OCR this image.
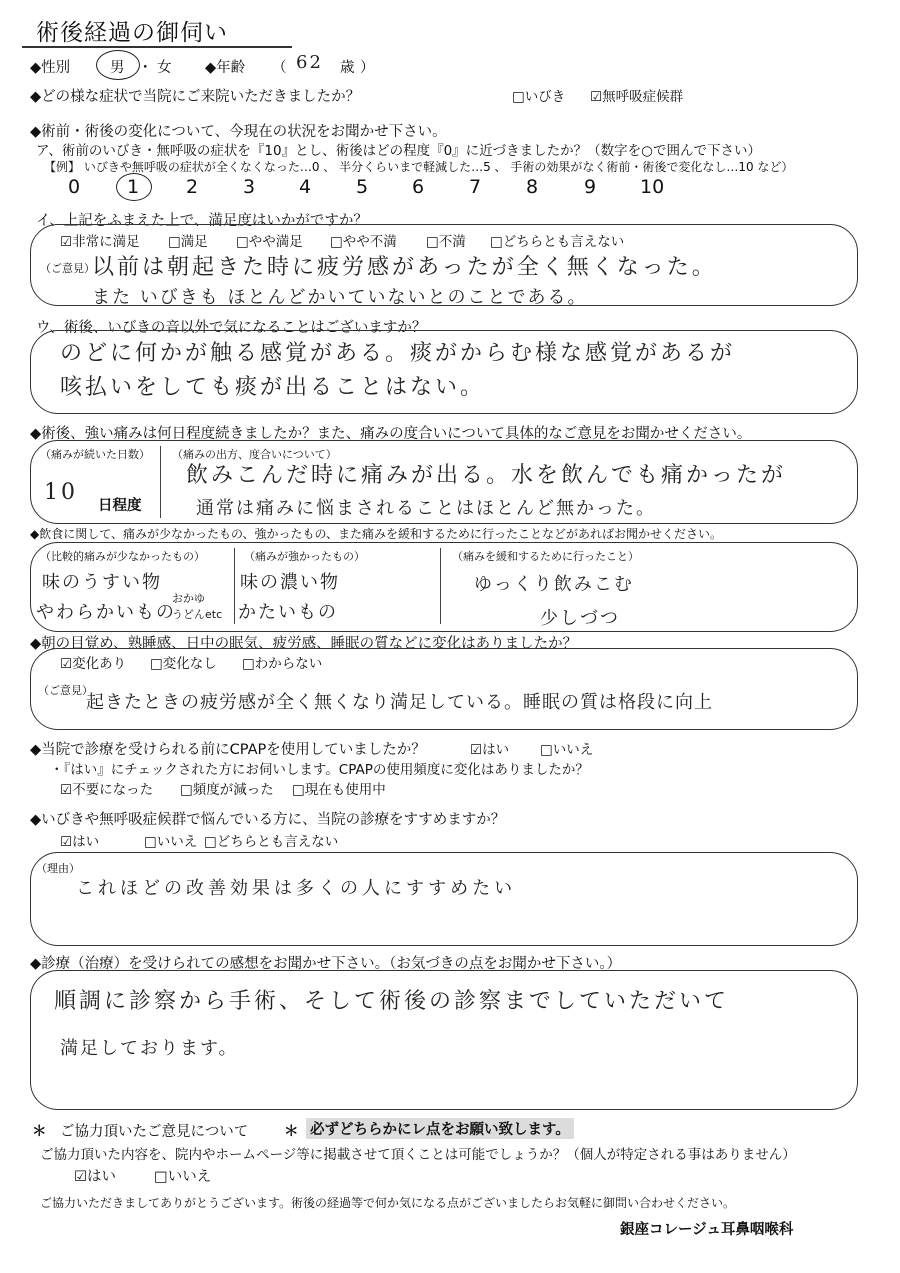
術後経過の御伺い
◆性別	男 ・ 女 ◆年齢 （ 62 歳 ）
◆どの様な症状で当院にご来院いただきましたか？	□いびき ☑無呼吸症候群
◆術前・術後の変化について、今現在の状況をお聞かせ下さい。
ア、術前のいびき・無呼吸の症状を『10』とし、術後はどの程度『0』に近づきましたか？（数字を○で囲んで下さい）
【例】 いびきや無呼吸の症状が全くなくなった…0 、 半分くらいまで軽減した…5 、 手術の効果がなく術前・術後で変化なし…10 など）
0 1 2 3 4 5 6 7 8 9 10
イ、上記をふまえた上で、満足度はいかがですか？
☑非常に満足 □満足 □やや満足 □やや不満 □不満 □どちらとも言えない
（ご意見）
以前は朝起きた時に疲労感があったが全く無くなった。
また いびきも ほとんどかいていないとのことである。
ウ、術後、いびきの音以外で気になることはございますか？
のどに何かが触る感覚がある。痰がからむ様な感覚があるが
咳払いをしても痰が出ることはない。
◆術後、強い痛みは何日程度続きましたか？また、痛みの度合いについて具体的なご意見をお聞かせください。
（痛みが続いた日数）
10
日程度
（痛みの出方、度合いについて）
飲みこんだ時に痛みが出る。水を飲んでも痛かったが
通常は痛みに悩まされることはほとんど無かった。
◆飲食に関して、痛みが少なかったもの、強かったもの、また痛みを緩和するために行ったことなどがあればお聞かせください。
（比較的痛みが少なかったもの）
味のうすい物
やわらかいもの
おかゆ
うどんetc
（痛みが強かったもの）
味の濃い物
かたいもの
（痛みを緩和するために行ったこと）
ゆっくり飲みこむ
少しづつ
◆朝の目覚め、熟睡感、日中の眠気、疲労感、睡眠の質などに変化はありましたか？
☑変化あり □変化なし □わからない
（ご意見）
起きたときの疲労感が全く無くなり満足している。睡眠の質は格段に向上
◆当院で診療を受けられる前にCPAPを使用していましたか？	☑はい □いいえ
・『はい』にチェックされた方にお伺いします。CPAPの使用頻度に変化はありましたか？
☑不要になった □頻度が減った □現在も使用中
◆いびきや無呼吸症候群で悩んでいる方に、当院の診療をすすめますか？
☑はい	□いいえ □どちらとも言えない
（理由）
これほどの改善効果は多くの人にすすめたい
◆診療（治療）を受けられての感想をお聞かせ下さい。（お気づきの点をお聞かせ下さい。）
順調に診察から手術、そして術後の診察までしていただいて
満足しております。
＊ ご協力頂いたご意見について ＊ 必ずどちらかにレ点をお願い致します。
ご協力頂いた内容を、院内やホームページ等に掲載させて頂くことは可能でしょうか？（個人が特定される事はありません）
☑はい	□いいえ
ご協力いただきましてありがとうございます。術後の経過等で何か気になる点がございましたらお気軽に御問い合わせください。
銀座コレージュ耳鼻咽喉科
